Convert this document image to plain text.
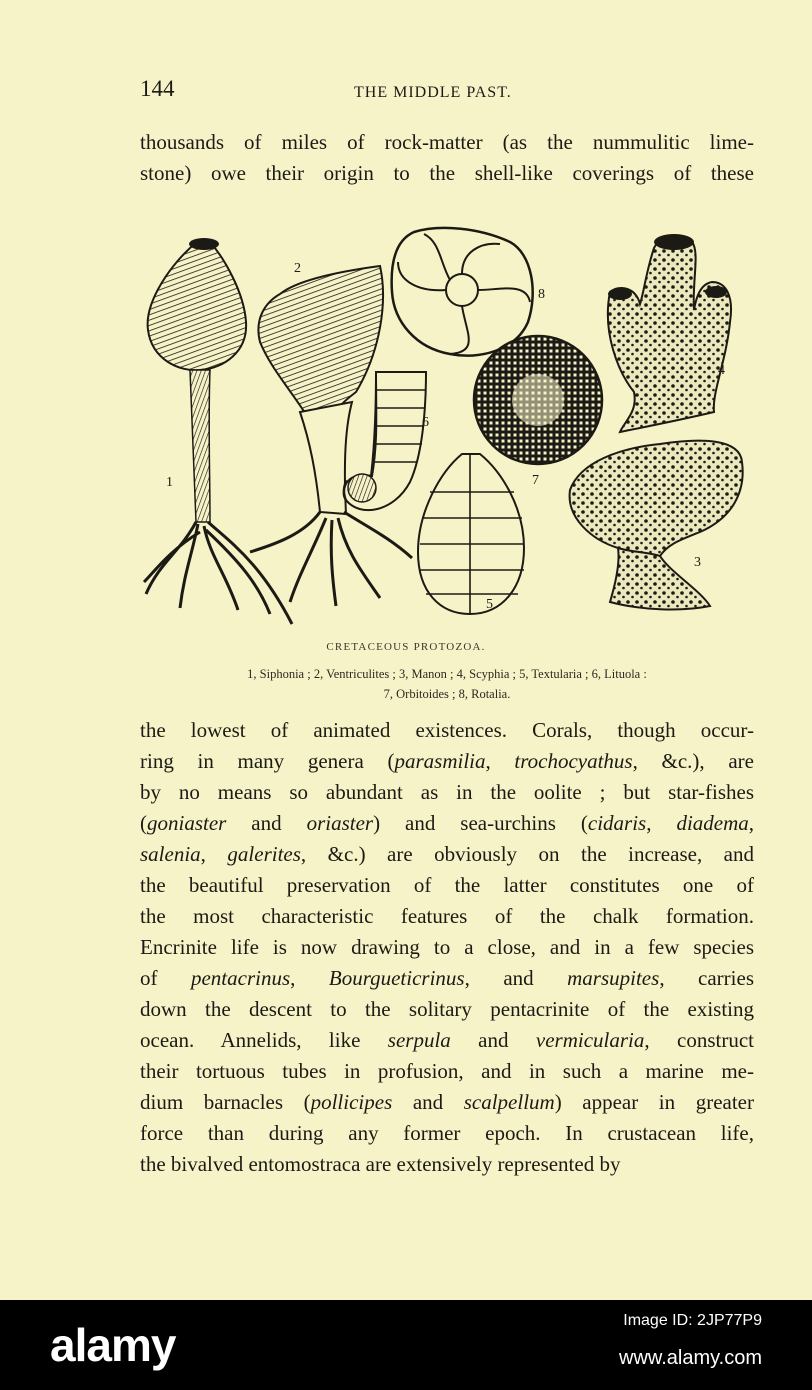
144	THE MIDDLE PAST.

thousands of miles of rock-matter (as the nummulitic lime-
stone) owe their origin to the shell-like coverings of these

1
2
3
4
5
6
7
8
CRETACEOUS PROTOZOA.

1, Siphonia ; 2, Ventriculites ; 3, Manon ; 4, Scyphia ; 5, Textularia ; 6, Lituola :
7, Orbitoides ; 8, Rotalia.

the lowest of animated existences. Corals, though occur-
ring in many genera (parasmilia, trochocyathus, &c.), are
by no means so abundant as in the oolite ; but star-fishes
(goniaster and oriaster) and sea-urchins (cidaris, diadema,
salenia, galerites, &c.) are obviously on the increase, and
the beautiful preservation of the latter constitutes one of
the most characteristic features of the chalk formation.
Encrinite life is now drawing to a close, and in a few species
of pentacrinus, Bourgueticrinus, and marsupites, carries
down the descent to the solitary pentacrinite of the existing
ocean. Annelids, like serpula and vermicularia, construct
their tortuous tubes in profusion, and in such a marine me-
dium barnacles (pollicipes and scalpellum) appear in greater
force than during any former epoch. In crustacean life,
the bivalved entomostraca are extensively represented by

alamy	Image ID: 2JP77P9
www.alamy.com
